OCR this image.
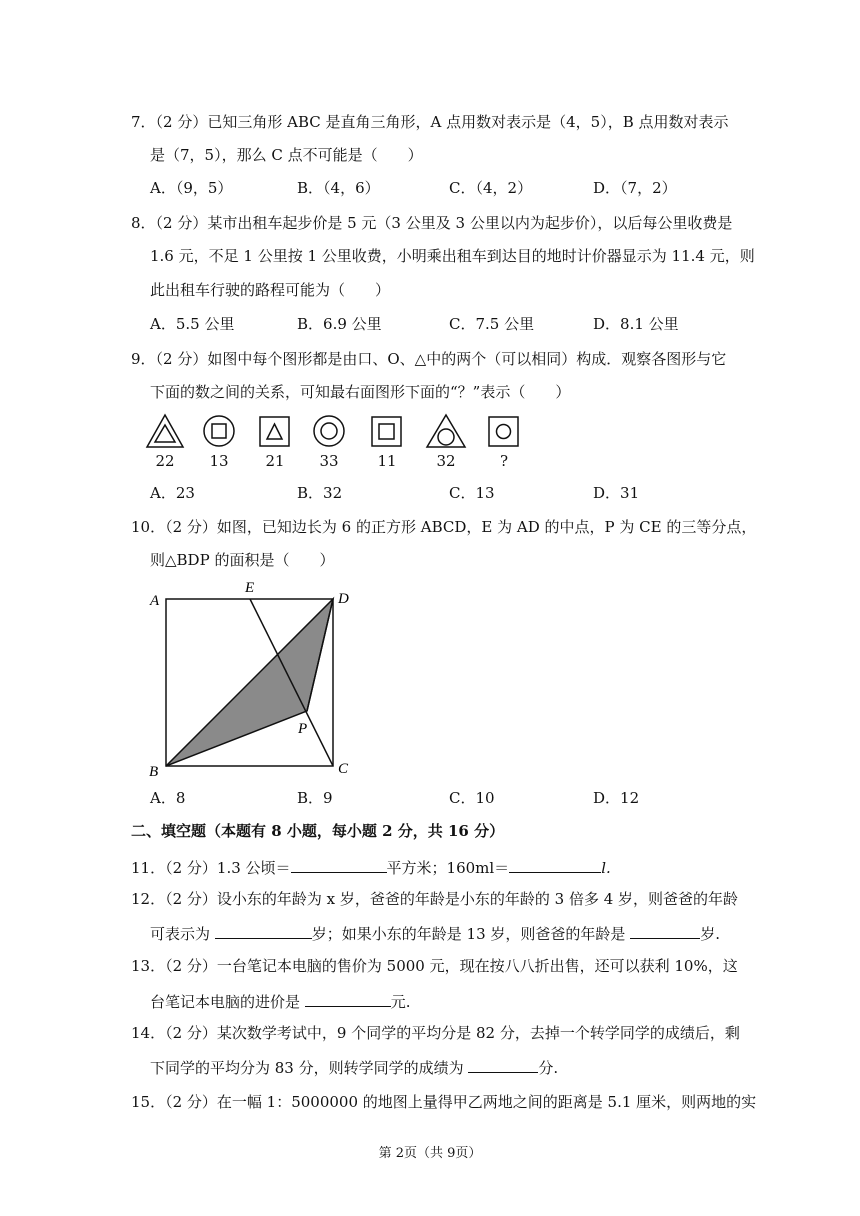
7．（2 分）已知三角形 ABC 是直角三角形，A 点用数对表示是（4，5），B 点用数对表示
是（7，5），那么 C 点不可能是（　　）
A．（9，5）	B．（4，6）	C．（4，2）	D．（7，2）
8．（2 分）某市出租车起步价是 5 元（3 公里及 3 公里以内为起步价），以后每公里收费是
1.6 元，不足 1 公里按 1 公里收费，小明乘出租车到达目的地时计价器显示为 11.4 元，则
此出租车行驶的路程可能为（　　）
A．5.5 公里	B．6.9 公里	C．7.5 公里	D．8.1 公里
9．（2 分）如图中每个图形都是由口、O、△中的两个（可以相同）构成．观察各图形与它
下面的数之间的关系，可知最右面图形下面的“？”表示（　　）
22	13	21	33	11	32	?
A．23	B．32	C．13	D．31
10．（2 分）如图，已知边长为 6 的正方形 ABCD，E 为 AD 的中点，P 为 CE 的三等分点，
则△BDP 的面积是（　　）
A
E
D
P
B	C
A．8	B．9	C．10	D．12
二、填空题（本题有 8 小题，每小题 2 分，共 16 分）
11．（2 分）1.3 公顷＝	平方米；160ml＝	l.
12．（2 分）设小东的年龄为 x 岁，爸爸的年龄是小东的年龄的 3 倍多 4 岁，则爸爸的年龄
可表示为	岁；如果小东的年龄是 13 岁，则爸爸的年龄是	岁.
13．（2 分）一台笔记本电脑的售价为 5000 元，现在按八八折出售，还可以获利 10%，这
台笔记本电脑的进价是	元.
14．（2 分）某次数学考试中，9 个同学的平均分是 82 分，去掉一个转学同学的成绩后，剩
下同学的平均分为 83 分，则转学同学的成绩为	分.
15．（2 分）在一幅 1：5000000 的地图上量得甲乙两地之间的距离是 5.1 厘米，则两地的实
第 2页（共 9页）
